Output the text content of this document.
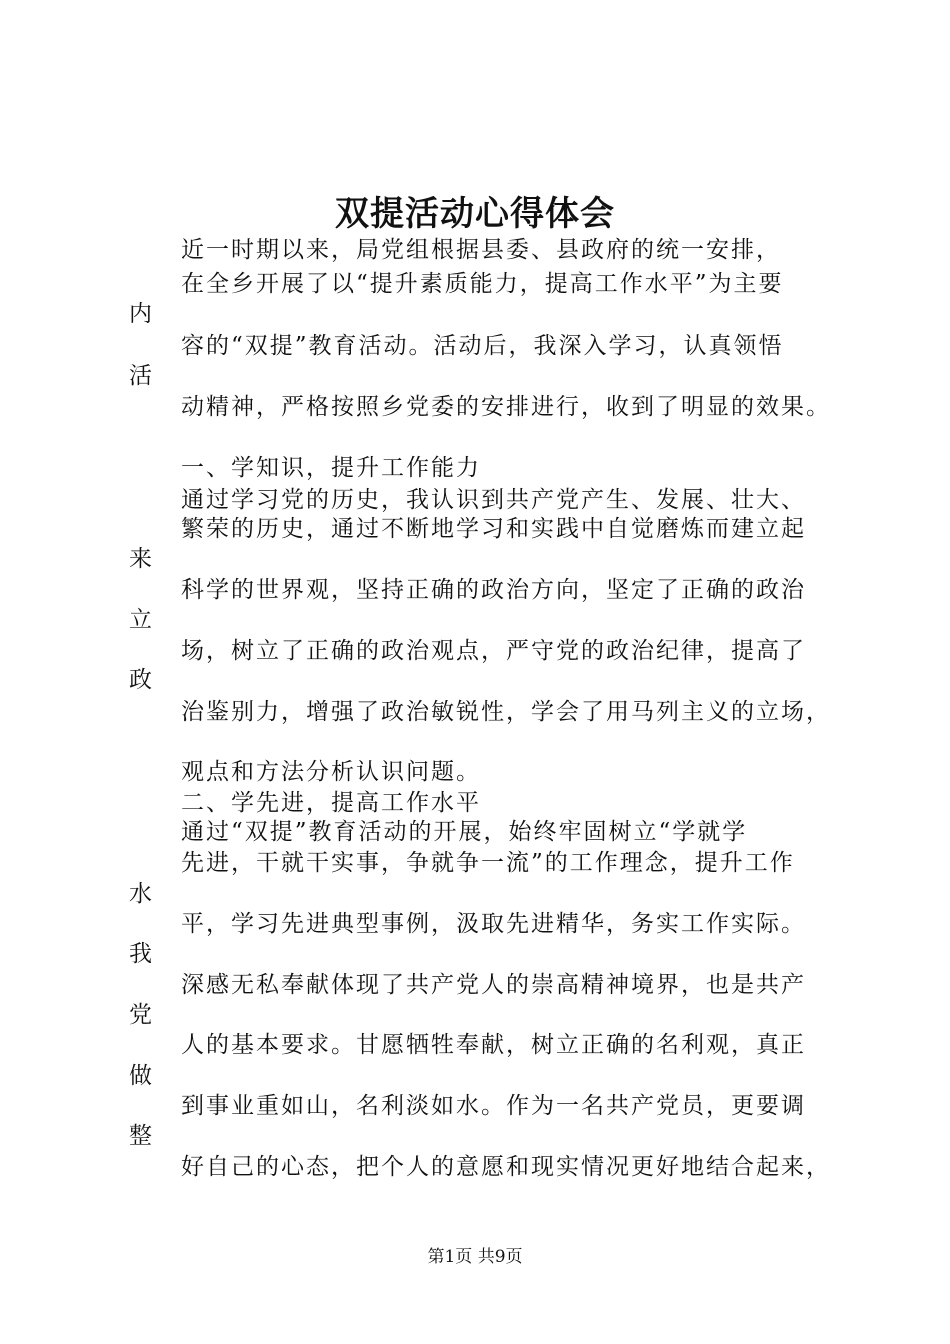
双提活动心得体会
近一时期以来，局党组根据县委、县政府的统一安排，
在全乡开展了以“提升素质能力，提高工作水平”为主要
容的“双提”教育活动。活动后，我深入学习，认真领悟
动精神，严格按照乡党委的安排进行，收到了明显的效果。
一、学知识，提升工作能力
通过学习党的历史，我认识到共产党产生、发展、壮大、
繁荣的历史，通过不断地学习和实践中自觉磨炼而建立起
科学的世界观，坚持正确的政治方向，坚定了正确的政治
场，树立了正确的政治观点，严守党的政治纪律，提高了
治鉴别力，增强了政治敏锐性，学会了用马列主义的立场，
观点和方法分析认识问题。
二、学先进，提高工作水平
通过“双提”教育活动的开展，始终牢固树立“学就学
先进，干就干实事，争就争一流”的工作理念，提升工作
平，学习先进典型事例，汲取先进精华，务实工作实际。
深感无私奉献体现了共产党人的崇高精神境界，也是共产
人的基本要求。甘愿牺牲奉献，树立正确的名利观，真正
到事业重如山，名利淡如水。作为一名共产党员，更要调
好自己的心态，把个人的意愿和现实情况更好地结合起来，
内
活
来
立
政
水
我
党
做
整
第1页 共9页
